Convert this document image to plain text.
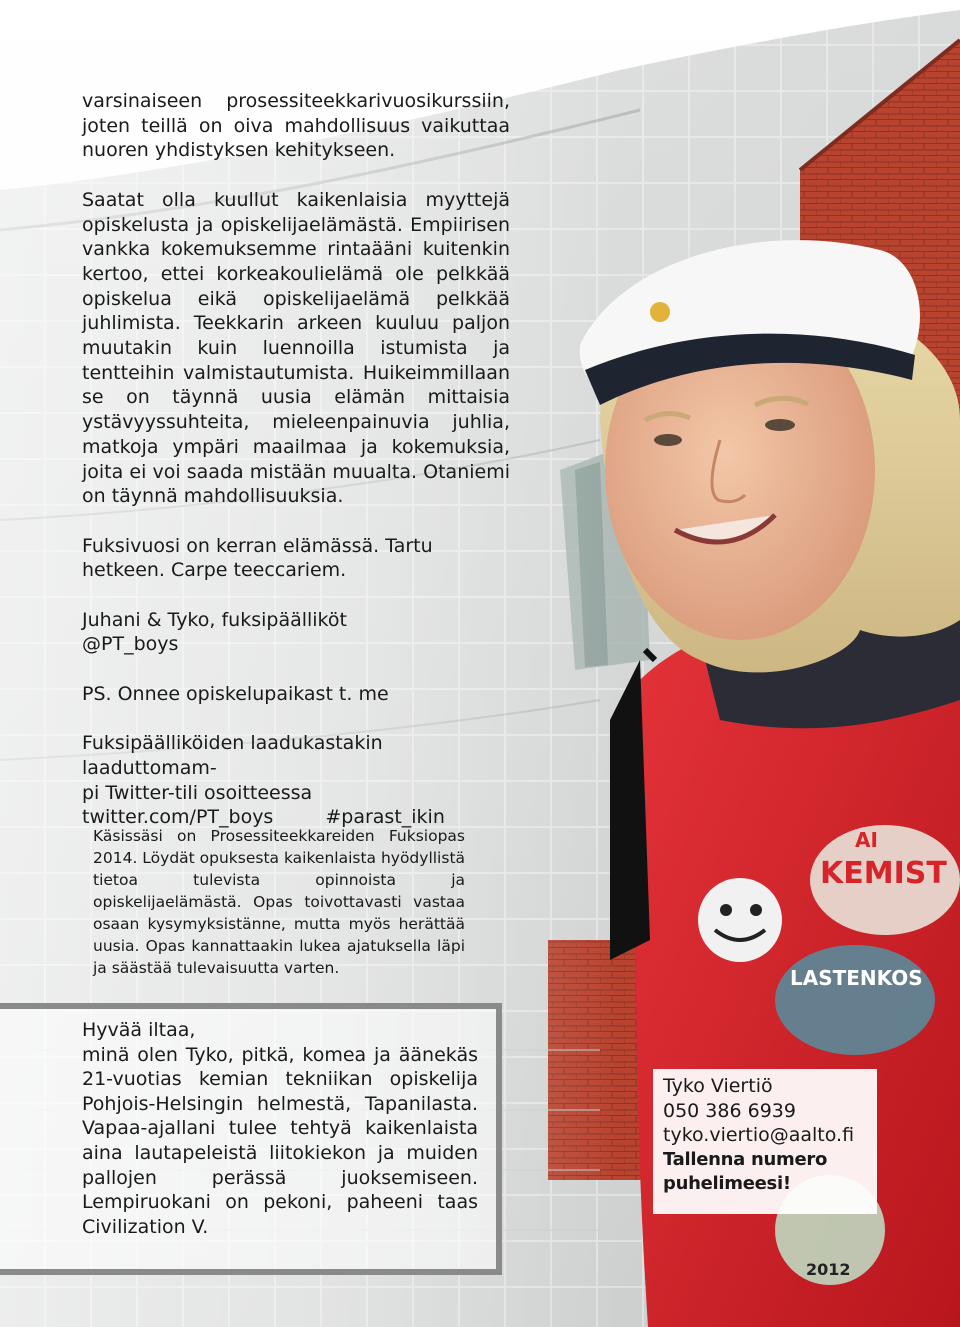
AI
KEMIST
LASTENKOS
2012

varsinaiseen prosessiteekkarivuosikurssiin, joten teillä on oiva mahdollisuus vaikuttaa nuoren yhdistyksen kehitykseen.

Saatat olla kuullut kaikenlaisia myyttejä opiskelusta ja opiskelijaelämästä. Empiirisen vankka kokemuksemme rintaääni kuitenkin kertoo, ettei korkeakoulielämä ole pelkkää opiskelua eikä opiskelijaelämä pelkkää juhlimista. Teekkarin arkeen kuuluu paljon muutakin kuin luennoilla istumista ja tentteihin valmistautumista. Huikeimmillaan se on täynnä uusia elämän mittaisia ystävyyssuhteita, mieleenpainuvia juhlia, matkoja ympäri maailmaa ja kokemuksia, joita ei voi saada mistään muualta. Otaniemi on täynnä mahdollisuuksia.

Fuksivuosi on kerran elämässä. Tartu hetkeen. Carpe teeccariem.

Juhani & Tyko, fuksipäälliköt

@PT_boys

PS. Onnee opiskelupaikast t. me

Fuksipäälliköiden laadukastakin laaduttomam-

pi Twitter-tili osoitteessa

twitter.com/PT_boys	#parast_ikin

Käsissäsi on Prosessiteekkareiden Fuksiopas 2014. Löydät opuksesta kaikenlaista hyödyllistä tietoa tulevista opinnoista ja opiskelijaelämästä. Opas toivottavasti vastaa osaan kysymyksistänne, mutta myös herättää uusia. Opas kannattaakin lukea ajatuksella läpi ja säästää tulevaisuutta varten.
Hyvää iltaa,
minä olen Tyko, pitkä, komea ja äänekäs 21-vuotias kemian tekniikan opiskelija Pohjois-Helsingin helmestä, Tapanilasta. Vapaa-ajallani tulee tehtyä kaikenlaista aina lautapeleistä liitokiekon ja muiden pallojen perässä juoksemiseen. Lempiruokani on pekoni, paheeni taas Civilization V.
Tyko Viertiö
050 386 6939
tyko.viertio@aalto.fi
Tallenna numero
puhelimeesi!
